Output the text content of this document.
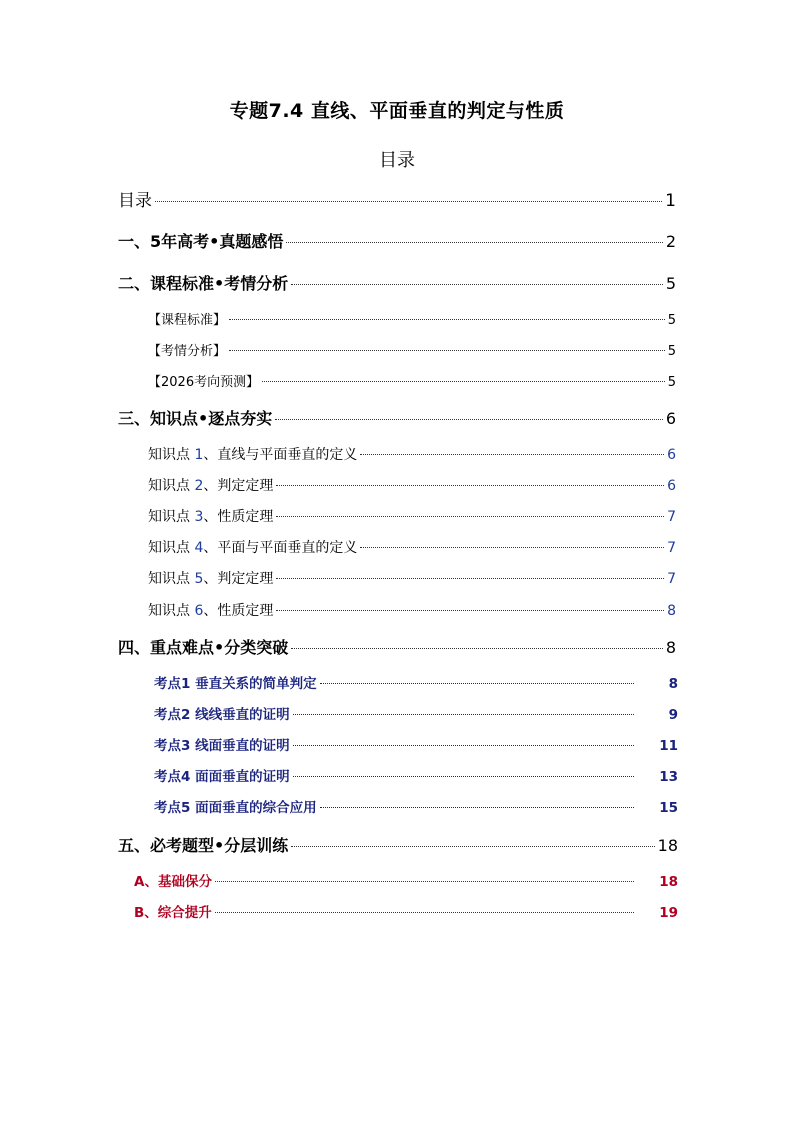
专题7.4 直线、平面垂直的判定与性质
目录
目录	1
一、5年高考•真题感悟	2
二、课程标准•考情分析	5
【课程标准】	5
【考情分析】	5
【2026考向预测】	5
三、知识点•逐点夯实	6
知识点 1、直线与平面垂直的定义	6
知识点 2、判定定理	6
知识点 3、性质定理	7
知识点 4、平面与平面垂直的定义	7
知识点 5、判定定理	7
知识点 6、性质定理	8
四、重点难点•分类突破	8
考点1 垂直关系的简单判定	8
考点2 线线垂直的证明	9
考点3 线面垂直的证明	11
考点4 面面垂直的证明	13
考点5 面面垂直的综合应用	15
五、必考题型•分层训练	18
A、基础保分	18
B、综合提升	19
